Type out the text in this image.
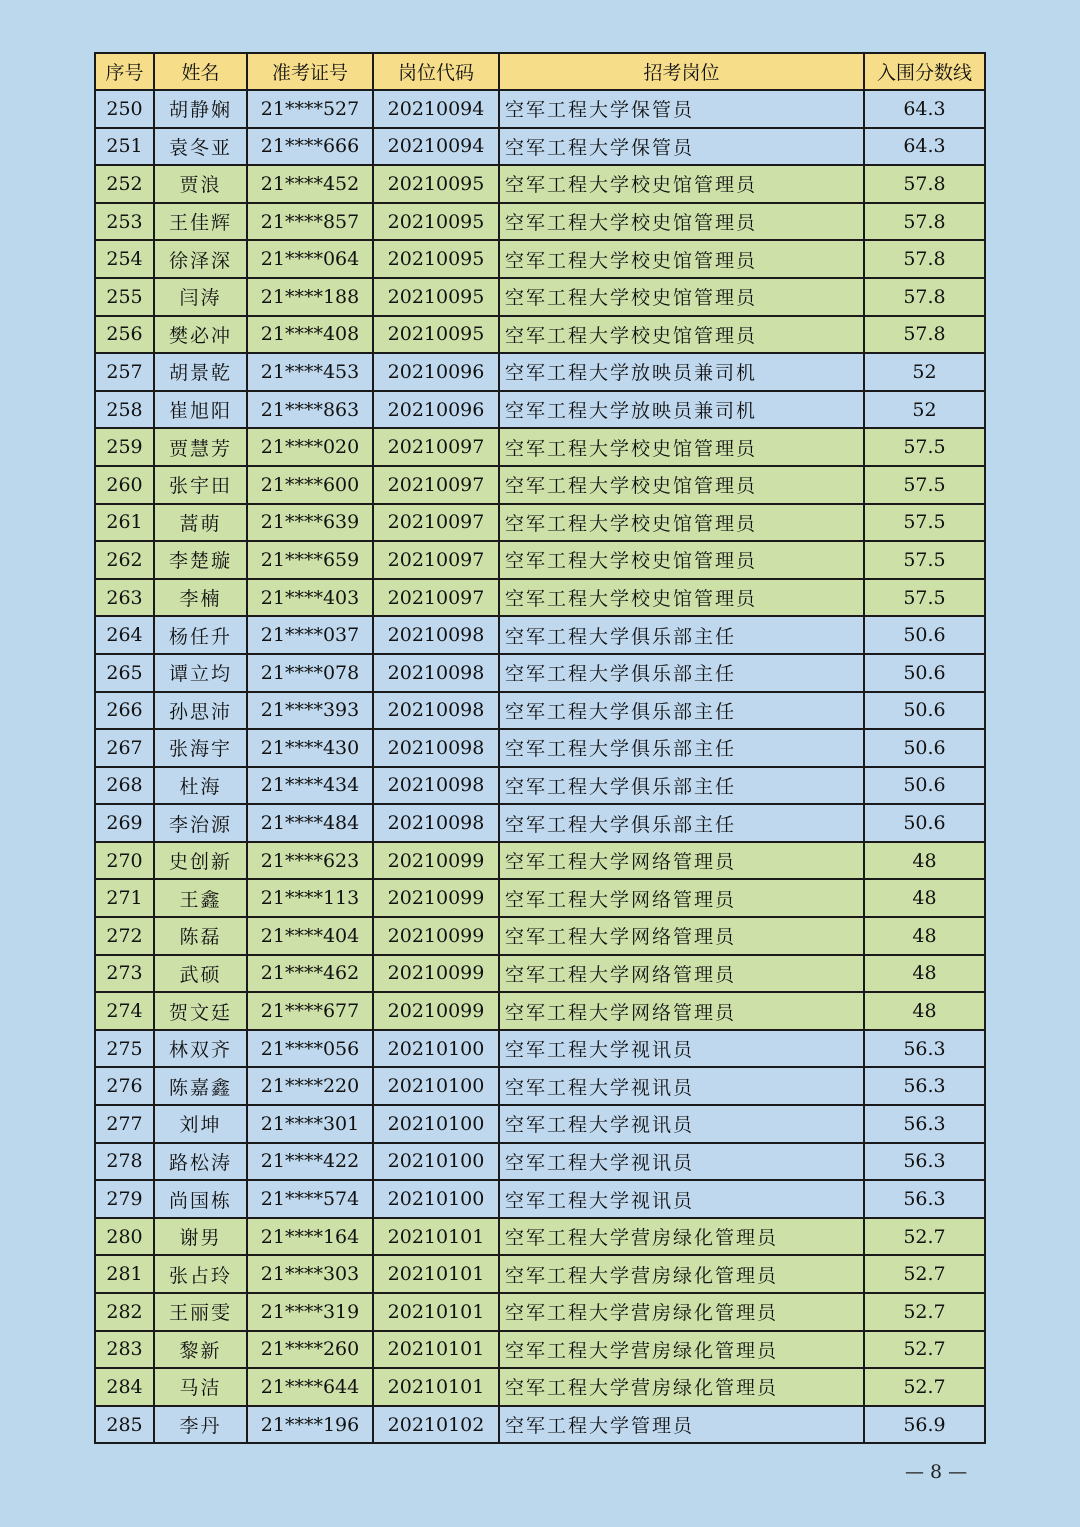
序号	姓名	准考证号	岗位代码	招考岗位	入围分数线
250	胡静娴	21****527	20210094	空军工程大学保管员	64.3
251	袁冬亚	21****666	20210094	空军工程大学保管员	64.3
252	贾浪	21****452	20210095	空军工程大学校史馆管理员	57.8
253	王佳辉	21****857	20210095	空军工程大学校史馆管理员	57.8
254	徐泽深	21****064	20210095	空军工程大学校史馆管理员	57.8
255	闫涛	21****188	20210095	空军工程大学校史馆管理员	57.8
256	樊必冲	21****408	20210095	空军工程大学校史馆管理员	57.8
257	胡景乾	21****453	20210096	空军工程大学放映员兼司机	52
258	崔旭阳	21****863	20210096	空军工程大学放映员兼司机	52
259	贾慧芳	21****020	20210097	空军工程大学校史馆管理员	57.5
260	张宇田	21****600	20210097	空军工程大学校史馆管理员	57.5
261	蒿萌	21****639	20210097	空军工程大学校史馆管理员	57.5
262	李楚璇	21****659	20210097	空军工程大学校史馆管理员	57.5
263	李楠	21****403	20210097	空军工程大学校史馆管理员	57.5
264	杨任升	21****037	20210098	空军工程大学俱乐部主任	50.6
265	谭立均	21****078	20210098	空军工程大学俱乐部主任	50.6
266	孙思沛	21****393	20210098	空军工程大学俱乐部主任	50.6
267	张海宇	21****430	20210098	空军工程大学俱乐部主任	50.6
268	杜海	21****434	20210098	空军工程大学俱乐部主任	50.6
269	李治源	21****484	20210098	空军工程大学俱乐部主任	50.6
270	史创新	21****623	20210099	空军工程大学网络管理员	48
271	王鑫	21****113	20210099	空军工程大学网络管理员	48
272	陈磊	21****404	20210099	空军工程大学网络管理员	48
273	武硕	21****462	20210099	空军工程大学网络管理员	48
274	贺文廷	21****677	20210099	空军工程大学网络管理员	48
275	林双齐	21****056	20210100	空军工程大学视讯员	56.3
276	陈嘉鑫	21****220	20210100	空军工程大学视讯员	56.3
277	刘坤	21****301	20210100	空军工程大学视讯员	56.3
278	路松涛	21****422	20210100	空军工程大学视讯员	56.3
279	尚国栋	21****574	20210100	空军工程大学视讯员	56.3
280	谢男	21****164	20210101	空军工程大学营房绿化管理员	52.7
281	张占玲	21****303	20210101	空军工程大学营房绿化管理员	52.7
282	王丽雯	21****319	20210101	空军工程大学营房绿化管理员	52.7
283	黎新	21****260	20210101	空军工程大学营房绿化管理员	52.7
284	马洁	21****644	20210101	空军工程大学营房绿化管理员	52.7
285	李丹	21****196	20210102	空军工程大学管理员	56.9
— 8 —
